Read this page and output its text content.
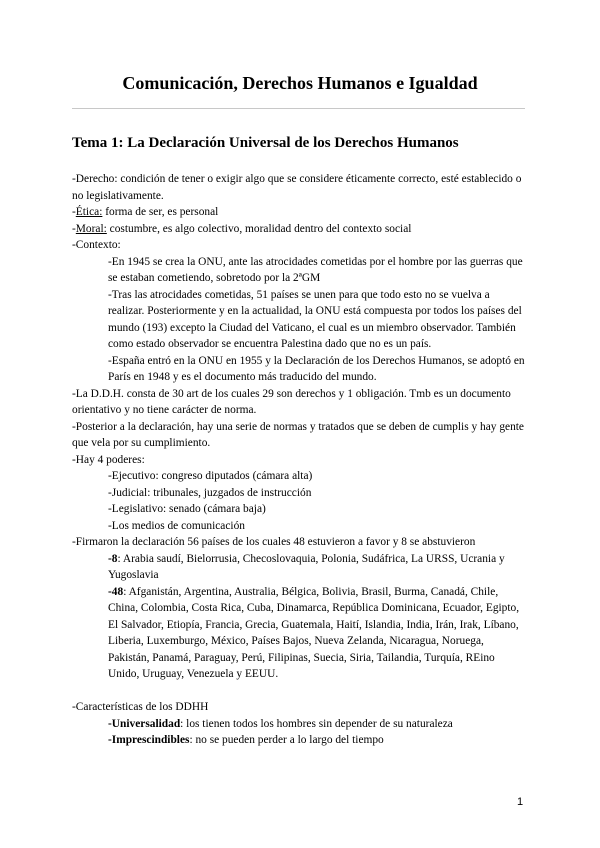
Comunicación, Derechos Humanos e Igualdad
Tema 1: La Declaración Universal de los Derechos Humanos

-Derecho: condición de tener o exigir algo que se considere éticamente correcto, esté establecido o no legislativamente.

-Ética: forma de ser, es personal

-Moral: costumbre, es algo colectivo, moralidad dentro del contexto social

-Contexto:

-En 1945 se crea la ONU, ante las atrocidades cometidas por el hombre por las guerras que se estaban cometiendo, sobretodo por la 2ªGM

-Tras las atrocidades cometidas, 51 países se unen para que todo esto no se vuelva a realizar. Posteriormente y en la actualidad, la ONU está compuesta por todos los países del mundo (193) excepto la Ciudad del Vaticano, el cual es un miembro observador. También como estado observador se encuentra Palestina dado que no es un país.

-España entró en la ONU en 1955 y la Declaración de los Derechos Humanos, se adoptó en París en 1948 y es el documento más traducido del mundo.

-La D.D.H. consta de 30 art de los cuales 29 son derechos y 1 obligación. Tmb es un documento orientativo y no tiene carácter de norma.

-Posterior a la declaración, hay una serie de normas y tratados que se deben de cumplis y hay gente que vela por su cumplimiento.

-Hay 4 poderes:

-Ejecutivo: congreso diputados (cámara alta)

-Judicial: tribunales, juzgados de instrucción

-Legislativo: senado (cámara baja)

-Los medios de comunicación

-Firmaron la declaración 56 países de los cuales 48 estuvieron a favor y 8 se abstuvieron

-8: Arabia saudí, Bielorrusia, Checoslovaquia, Polonia, Sudáfrica, La URSS, Ucrania y Yugoslavia

-48: Afganistán, Argentina, Australia, Bélgica, Bolivia, Brasil, Burma, Canadá, Chile, China, Colombia, Costa Rica, Cuba, Dinamarca, República Dominicana, Ecuador, Egipto, El Salvador, Etiopía, Francia, Grecia, Guatemala, Haití, Islandia, India, Irán, Irak, Líbano, Liberia, Luxemburgo, México, Países Bajos, Nueva Zelanda, Nicaragua, Noruega, Pakistán, Panamá, Paraguay, Perú, Filipinas, Suecia, Siria, Tailandia, Turquía, REino Unido, Uruguay, Venezuela y EEUU.

-Características de los DDHH

-Universalidad: los tienen todos los hombres sin depender de su naturaleza

-Imprescindibles: no se pueden perder a lo largo del tiempo

1
